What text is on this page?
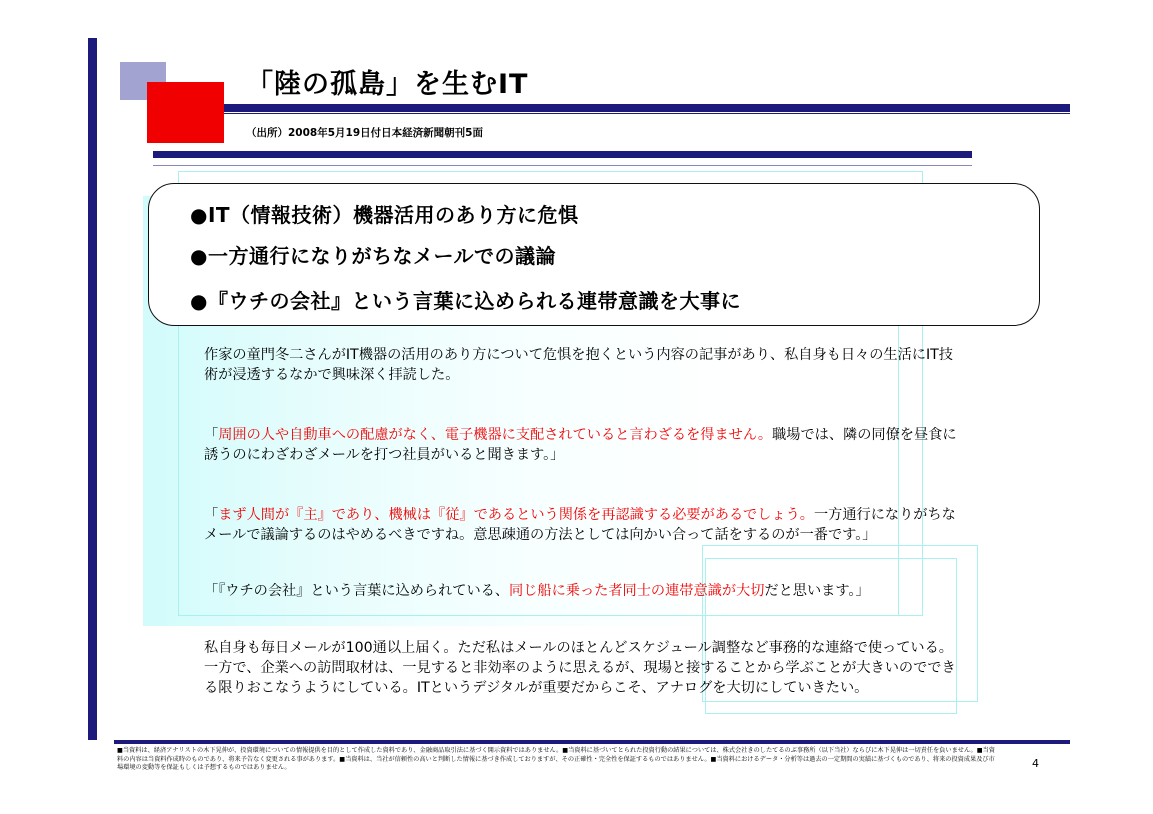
「陸の孤島」を生むIT
（出所）2008年5月19日付日本経済新聞朝刊5面
●IT（情報技術）機器活用のあり方に危惧
●一方通行になりがちなメールでの議論
●『ウチの会社』という言葉に込められる連帯意識を大事に
作家の童門冬二さんがIT機器の活用のあり方について危惧を抱くという内容の記事があり、私自身も日々の生活にIT技術が浸透するなかで興味深く拝読した。
「周囲の人や自動車への配慮がなく、電子機器に支配されていると言わざるを得ません。職場では、隣の同僚を昼食に誘うのにわざわざメールを打つ社員がいると聞きます。」
「まず人間が『主』であり、機械は『従』であるという関係を再認識する必要があるでしょう。一方通行になりがちなメールで議論するのはやめるべきですね。意思疎通の方法としては向かい合って話をするのが一番です。」
「『ウチの会社』という言葉に込められている、同じ船に乗った者同士の連帯意識が大切だと思います。」
私自身も毎日メールが100通以上届く。ただ私はメールのほとんどスケジュール調整など事務的な連絡で使っている。一方で、企業への訪問取材は、一見すると非効率のように思えるが、現場と接することから学ぶことが大きいのでできる限りおこなうようにしている。ITというデジタルが重要だからこそ、アナログを大切にしていきたい。
■当資料は、経済アナリストの木下晃伸が、投資環境についての情報提供を目的として作成した資料であり、金融商品取引法に基づく開示資料ではありません。■当資料に基づいてとられた投資行動の結果については、株式会社きのしたてるのぶ事務所（以下当社）ならびに木下晃伸は一切責任を負いません。■当資料の内容は当資料作成時のものであり、将来予告なく変更される事があります。■当資料は、当社が信頼性の高いと判断した情報に基づき作成しておりますが、その正確性・完全性を保証するものではありません。■当資料におけるデータ・分析等は過去の一定期間の実績に基づくものであり、将来の投資成果及び市場環境の変動等を保証もしくは予想するものではありません。	4
